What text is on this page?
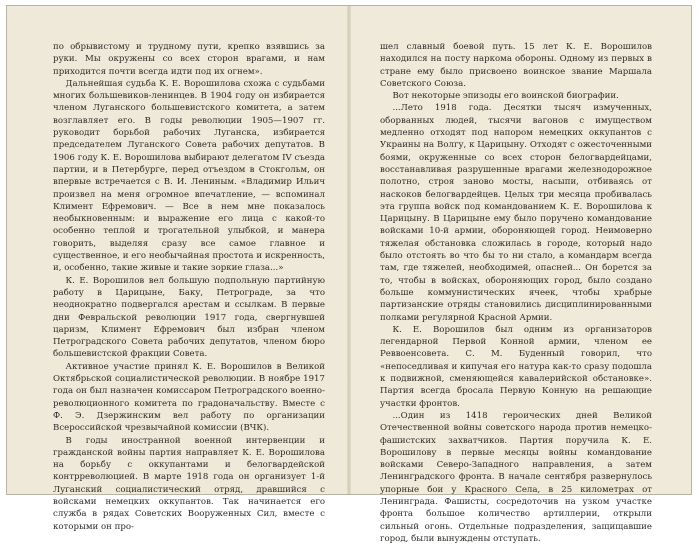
по обрывистому и трудному пути, крепко взявшись за руки. Мы окружены со всех сторон врагами, и нам приходится почти всегда идти под их огнем».

Дальнейшая судьба К. Е. Ворошилова схожа с судьбами многих большевиков-ленинцев. В 1904 году он избирается членом Луганского большевистского комитета, а затем возглавляет его. В годы революции 1905—1907 гг. руководит борьбой рабочих Луганска, избирается председателем Луганского Совета рабочих депутатов. В 1906 году К. Е. Ворошилова выбирают делегатом IV съезда партии, и в Петербурге, перед отъездом в Стокгольм, он впервые встречается с В. И. Лениным. «Владимир Ильич произвел на меня огромное впечатление, — вспоминал Климент Ефремович. — Все в нем мне показалось необыкновенным: и выражение его лица с какой-то особенно теплой и трогательной улыбкой, и манера говорить, выделяя сразу все самое главное и существенное, и его необычайная простота и искренность, и, особенно, такие живые и такие зоркие глаза...»

К. Е. Ворошилов вел большую подпольную партийную работу в Царицыне, Баку, Петрограде, за что неоднократно подвергался арестам и ссылкам. В первые дни Февральской революции 1917 года, свергнувшей царизм, Климент Ефремович был избран членом Петроградского Совета рабочих депутатов, членом бюро большевистской фракции Совета.

Активное участие принял К. Е. Ворошилов в Великой Октябрьской социалистической революции. В ноябре 1917 года он был назначен комиссаром Петроградского военно-революционного комитета по градоначальству. Вместе с Ф. Э. Дзержинским вел работу по организации Всероссийской чрезвычайной комиссии (ВЧК).

В годы иностранной военной интервенции и гражданской войны партия направляет К. Е. Ворошилова на борьбу с оккупантами и белогвардейской контрреволюцией. В марте 1918 года он организует 1-й Луганский социалистический отряд, дравшийся с войсками немецких оккупантов. Так начинается его служба в рядах Советских Вооруженных Сил, вместе с которыми он про-

шел славный боевой путь. 15 лет К. Е. Ворошилов находился на посту наркома обороны. Одному из первых в стране ему было присвоено воинское звание Маршала Советского Союза.

Вот некоторые эпизоды его воинской биографии.

...Лето 1918 года. Десятки тысяч измученных, оборванных людей, тысячи вагонов с имуществом медленно отходят под напором немецких оккупантов с Украины на Волгу, к Царицыну. Отходят с ожесточенными боями, окруженные со всех сторон белогвардейцами, восстанавливая разрушенные врагами железнодорожное полотно, строя заново мосты, насыпи, отбиваясь от наскоков белогвардейцев. Целых три месяца пробивалась эта группа войск под командованием К. Е. Ворошилова к Царицыну. В Царицыне ему было поручено командование войсками 10-й армии, обороняющей город. Неимоверно тяжелая обстановка сложилась в городе, который надо было отстоять во что бы то ни стало, а командарм всегда там, где тяжелей, необходимей, опасней... Он борется за то, чтобы в войсках, обороняющих город, было создано больше коммунистических ячеек, чтобы храбрые партизанские отряды становились дисциплинированными полками регулярной Красной Армии.

К. Е. Ворошилов был одним из организаторов легендарной Первой Конной армии, членом ее Реввоенсовета. С. М. Буденный говорил, что «непоседливая и кипучая его натура как-то сразу подошла к подвижной, сменяющейся кавалерийской обстановке». Партия всегда бросала Первую Конную на решающие участки фронтов.

...Один из 1418 героических дней Великой Отечественной войны советского народа против немецко-фашистских захватчиков. Партия поручила К. Е. Ворошилову в первые месяцы войны командование войсками Северо-Западного направления, а затем Ленинградского фронта. В начале сентября развернулось упорные бои у Красного Села, в 25 километрах от Ленинграда. Фашисты, сосредоточив на узком участке фронта большое количество артиллерии, открыли сильный огонь. Отдельные подразделения, защищавшие город, были вынуждены отступать.
